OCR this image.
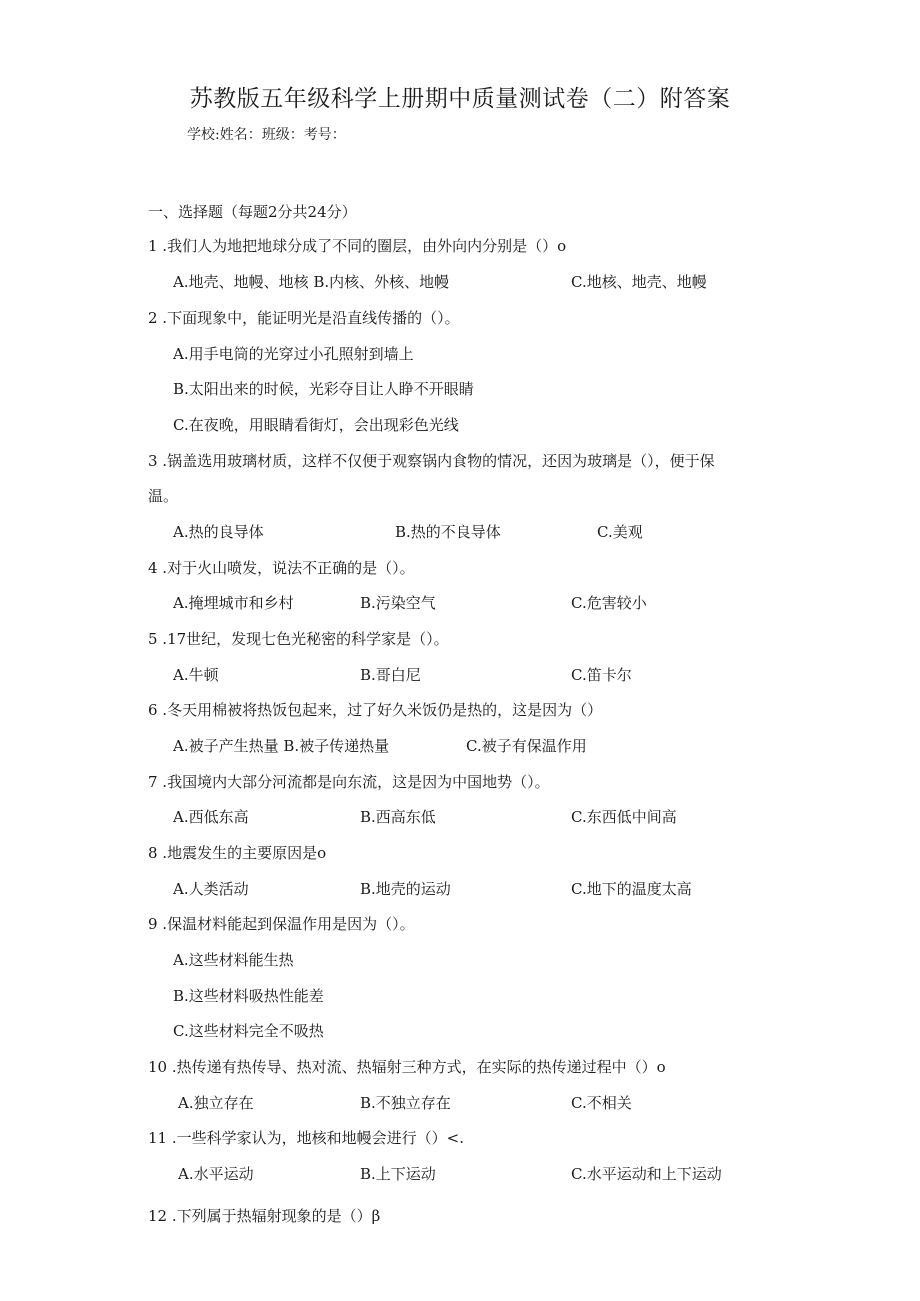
苏教版五年级科学上册期中质量测试卷（二）附答案
学校:姓名：班级：考号：
一、选择题（每题2分共24分）
1 .我们人为地把地球分成了不同的圈层，由外向内分别是（）o
A.地壳、地幔、地核 B.内核、外核、地幔	C.地核、地壳、地幔
2 .下面现象中，能证明光是沿直线传播的（）。
A.用手电筒的光穿过小孔照射到墙上
B.太阳出来的时候，光彩夺目让人睁不开眼睛
C.在夜晚，用眼睛看街灯，会出现彩色光线
3 .锅盖选用玻璃材质，这样不仅便于观察锅内食物的情况，还因为玻璃是（），便于保
温。
A.热的良导体	B.热的不良导体	C.美观
4 .对于火山喷发，说法不正确的是（）。
A.掩埋城市和乡村	B.污染空气	C.危害较小
5 .17世纪，发现七色光秘密的科学家是（）。
A.牛顿	B.哥白尼	C.笛卡尔
6 .冬天用棉被将热饭包起来，过了好久米饭仍是热的，这是因为（）
A.被子产生热量 B.被子传递热量	C.被子有保温作用
7 .我国境内大部分河流都是向东流，这是因为中国地势（）。
A.西低东高	B.西高东低	C.东西低中间高
8 .地震发生的主要原因是o
A.人类活动	B.地壳的运动	C.地下的温度太高
9 .保温材料能起到保温作用是因为（）。
A.这些材料能生热
B.这些材料吸热性能差
C.这些材料完全不吸热
10 .热传递有热传导、热对流、热辐射三种方式，在实际的热传递过程中（）o
A.独立存在	B.不独立存在	C.不相关
11 .一些科学家认为，地核和地幔会进行（）<.
A.水平运动	B.上下运动	C.水平运动和上下运动
12 .下列属于热辐射现象的是（）β
